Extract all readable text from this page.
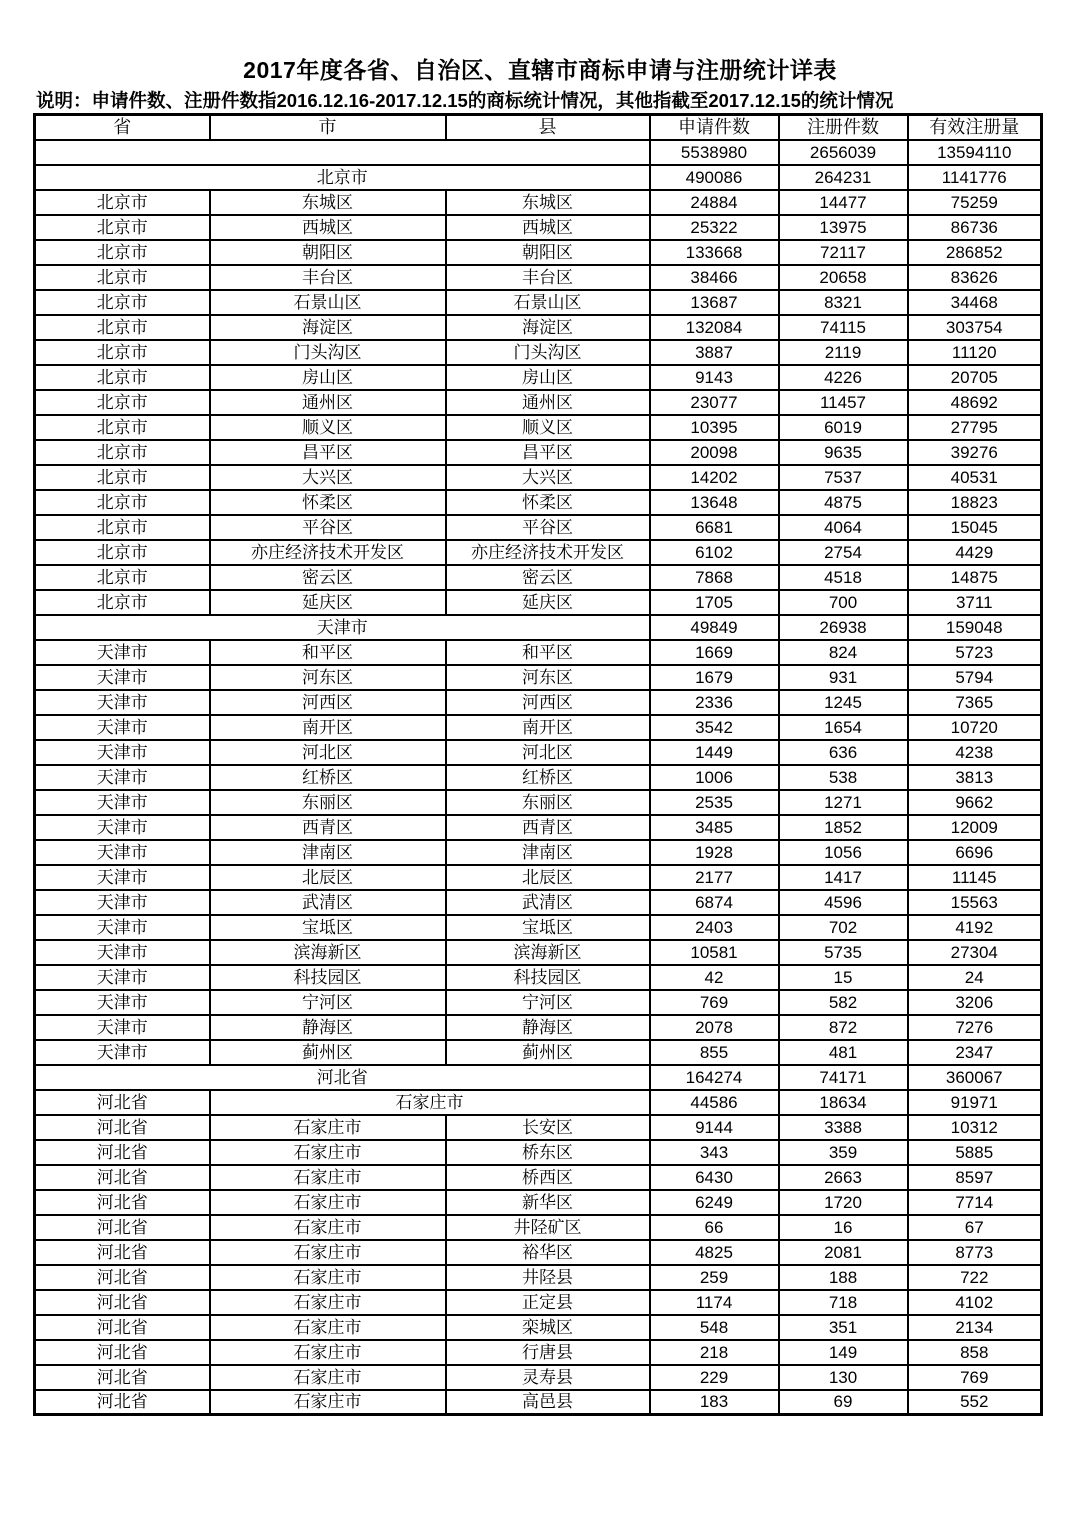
2017年度各省、自治区、直辖市商标申请与注册统计详表
说明：申请件数、注册件数指2016.12.16-2017.12.15的商标统计情况，其他指截至2017.12.15的统计情况
省	市	县	申请件数	注册件数	有效注册量
			5538980	2656039	13594110
北京市			490086	264231	1141776
北京市	东城区	东城区	24884	14477	75259
北京市	西城区	西城区	25322	13975	86736
北京市	朝阳区	朝阳区	133668	72117	286852
北京市	丰台区	丰台区	38466	20658	83626
北京市	石景山区	石景山区	13687	8321	34468
北京市	海淀区	海淀区	132084	74115	303754
北京市	门头沟区	门头沟区	3887	2119	11120
北京市	房山区	房山区	9143	4226	20705
北京市	通州区	通州区	23077	11457	48692
北京市	顺义区	顺义区	10395	6019	27795
北京市	昌平区	昌平区	20098	9635	39276
北京市	大兴区	大兴区	14202	7537	40531
北京市	怀柔区	怀柔区	13648	4875	18823
北京市	平谷区	平谷区	6681	4064	15045
北京市	亦庄经济技术开发区	亦庄经济技术开发区	6102	2754	4429
北京市	密云区	密云区	7868	4518	14875
北京市	延庆区	延庆区	1705	700	3711
天津市			49849	26938	159048
天津市	和平区	和平区	1669	824	5723
天津市	河东区	河东区	1679	931	5794
天津市	河西区	河西区	2336	1245	7365
天津市	南开区	南开区	3542	1654	10720
天津市	河北区	河北区	1449	636	4238
天津市	红桥区	红桥区	1006	538	3813
天津市	东丽区	东丽区	2535	1271	9662
天津市	西青区	西青区	3485	1852	12009
天津市	津南区	津南区	1928	1056	6696
天津市	北辰区	北辰区	2177	1417	11145
天津市	武清区	武清区	6874	4596	15563
天津市	宝坻区	宝坻区	2403	702	4192
天津市	滨海新区	滨海新区	10581	5735	27304
天津市	科技园区	科技园区	42	15	24
天津市	宁河区	宁河区	769	582	3206
天津市	静海区	静海区	2078	872	7276
天津市	蓟州区	蓟州区	855	481	2347
河北省			164274	74171	360067
河北省	石家庄市		44586	18634	91971
河北省	石家庄市	长安区	9144	3388	10312
河北省	石家庄市	桥东区	343	359	5885
河北省	石家庄市	桥西区	6430	2663	8597
河北省	石家庄市	新华区	6249	1720	7714
河北省	石家庄市	井陉矿区	66	16	67
河北省	石家庄市	裕华区	4825	2081	8773
河北省	石家庄市	井陉县	259	188	722
河北省	石家庄市	正定县	1174	718	4102
河北省	石家庄市	栾城区	548	351	2134
河北省	石家庄市	行唐县	218	149	858
河北省	石家庄市	灵寿县	229	130	769
河北省	石家庄市	高邑县	183	69	552
